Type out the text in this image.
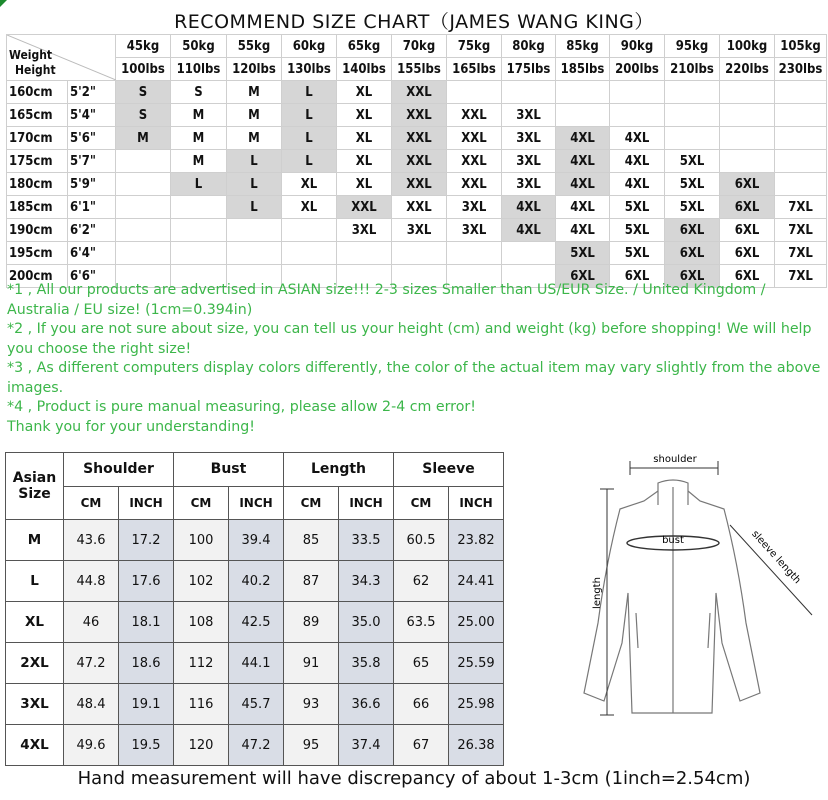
RECOMMEND SIZE CHART（JAMES WANG KING）
Weight
Height		45kg	50kg	55kg	60kg	65kg	70kg	75kg	80kg	85kg	90kg	95kg	100kg	105kg
		100lbs	110lbs	120lbs	130lbs	140lbs	155lbs	165lbs	175lbs	185lbs	200lbs	210lbs	220lbs	230lbs
160cm	5'2"	S	S	M	L	XL	XXL							
165cm	5'4"	S	M	M	L	XL	XXL	XXL	3XL					
170cm	5'6"	M	M	M	L	XL	XXL	XXL	3XL	4XL	4XL			
175cm	5'7"		M	L	L	XL	XXL	XXL	3XL	4XL	4XL	5XL		
180cm	5'9"		L	L	XL	XL	XXL	XXL	3XL	4XL	4XL	5XL	6XL	
185cm	6'1"			L	XL	XXL	XXL	3XL	4XL	4XL	5XL	5XL	6XL	7XL
190cm	6'2"					3XL	3XL	3XL	4XL	4XL	5XL	6XL	6XL	7XL
195cm	6'4"									5XL	5XL	6XL	6XL	7XL
200cm	6'6"									6XL	6XL	6XL	6XL	7XL

*1 , All our products are advertised in ASIAN size!!! 2-3 sizes Smaller than US/EUR Size. / United Kingdom / Australia / EU size! (1cm=0.394in)

*2 , If you are not sure about size, you can tell us your height (cm) and weight (kg) before shopping! We will help you choose the right size!

*3 , As different computers display colors differently, the color of the actual item may vary slightly from the above images.

*4 , Product is pure manual measuring, please allow 2-4 cm error!

Thank you for your understanding!

Asian Size	Shoulder		Bust		Length		Sleeve	
	CM	INCH	CM	INCH	CM	INCH	CM	INCH
M	43.6	17.2	100	39.4	85	33.5	60.5	23.82
L	44.8	17.6	102	40.2	87	34.3	62	24.41
XL	46	18.1	108	42.5	89	35.0	63.5	25.00
2XL	47.2	18.6	112	44.1	91	35.8	65	25.59
3XL	48.4	19.1	116	45.7	93	36.6	66	25.98
4XL	49.6	19.5	120	47.2	95	37.4	67	26.38
shoulder
bust
length
sleeve length
Hand measurement will have discrepancy of about 1-3cm (1inch=2.54cm)
